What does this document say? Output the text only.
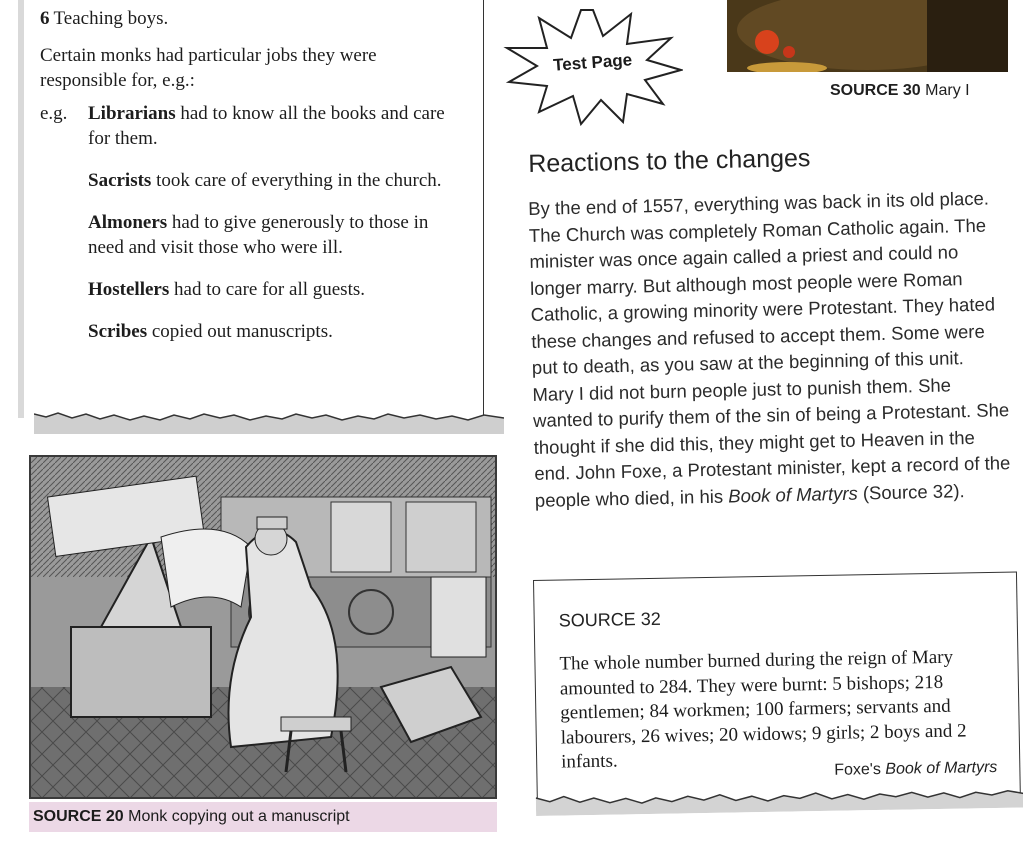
6 Teaching boys.

Certain monks had particular jobs they were responsible for, e.g.:

e.g.	Librarians had to know all the books and care for them.

Sacrists took care of everything in the church.

Almoners had to give generously to those in need and visit those who were ill.

Hostellers had to care for all guests.

Scribes copied out manuscripts.

SOURCE 20 Monk copying out a manuscript
Test Page
SOURCE 30 Mary I
Reactions to the changes

By the end of 1557, everything was back in its old place. The Church was completely Roman Catholic again. The minister was once again called a priest and could no longer marry. But although most people were Roman Catholic, a growing minority were Protestant. They hated these changes and refused to accept them. Some were put to death, as you saw at the beginning of this unit. Mary I did not burn people just to punish them. She wanted to purify them of the sin of being a Protestant. She thought if she did this, they might get to Heaven in the end. John Foxe, a Protestant minister, kept a record of the people who died, in his Book of Martyrs (Source 32).

SOURCE 32

The whole number burned during the reign of Mary amounted to 284. They were burnt: 5 bishops; 218 gentlemen; 84 workmen; 100 farmers; servants and labourers, 26 wives; 20 widows; 9 girls; 2 boys and 2 infants.	Foxe's Book of Martyrs
